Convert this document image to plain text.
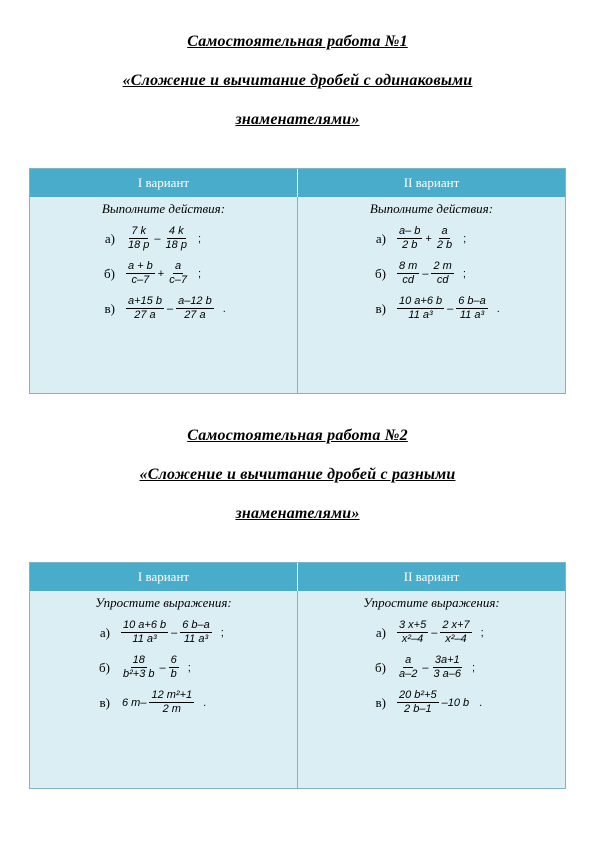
Самостоятельная работа №1
«Сложение и вычитание дробей с одинаковыми
знаменателями»
I вариант	II вариант
Выполните действия:
$а) \frac{7 k}{18 p} - \frac{4 k}{18 p}$ ;
$б) \frac{a + b}{c-7} + \frac{a}{c-7}$ ;
$в) \frac{a+15 b}{27 a} - \frac{a-12 b}{27 a}$ .
Выполните действия:
$а) \frac{a- b}{2 b} + \frac{a}{2 b}$ ;
$б) \frac{8 m}{cd} - \frac{2 m}{cd}$ ;
$в) \frac{10 a+6 b}{\text{11 a³}} - \frac{6 b-a}{\text{11 a³}}$ .
Самостоятельная работа №2
«Сложение и вычитание дробей с разными
знаменателями»
I вариант	II вариант
Упростите выражения:
$а) \frac{10 a+6 b}{\text{11 a³}} - \frac{6 b-a}{\text{11 a³}}$ ;
$б) \frac{18}{\text{b²+3 b}} - \frac{6}{b}$ ;
в) 6 $m- \frac{\text{12 m²+1}}{2 m}$ .
Упростите выражения:
$а) \frac{3 x+5}{\text{x²–4}} - \frac{2 x+7}{\text{x²–4}}$ ;
$б) \frac{a}{a-2} - \frac{3a+1}{3 a-6}$ ;
$в) \frac{\text{20 b²+5}}{2 b-1} -10$ b .
